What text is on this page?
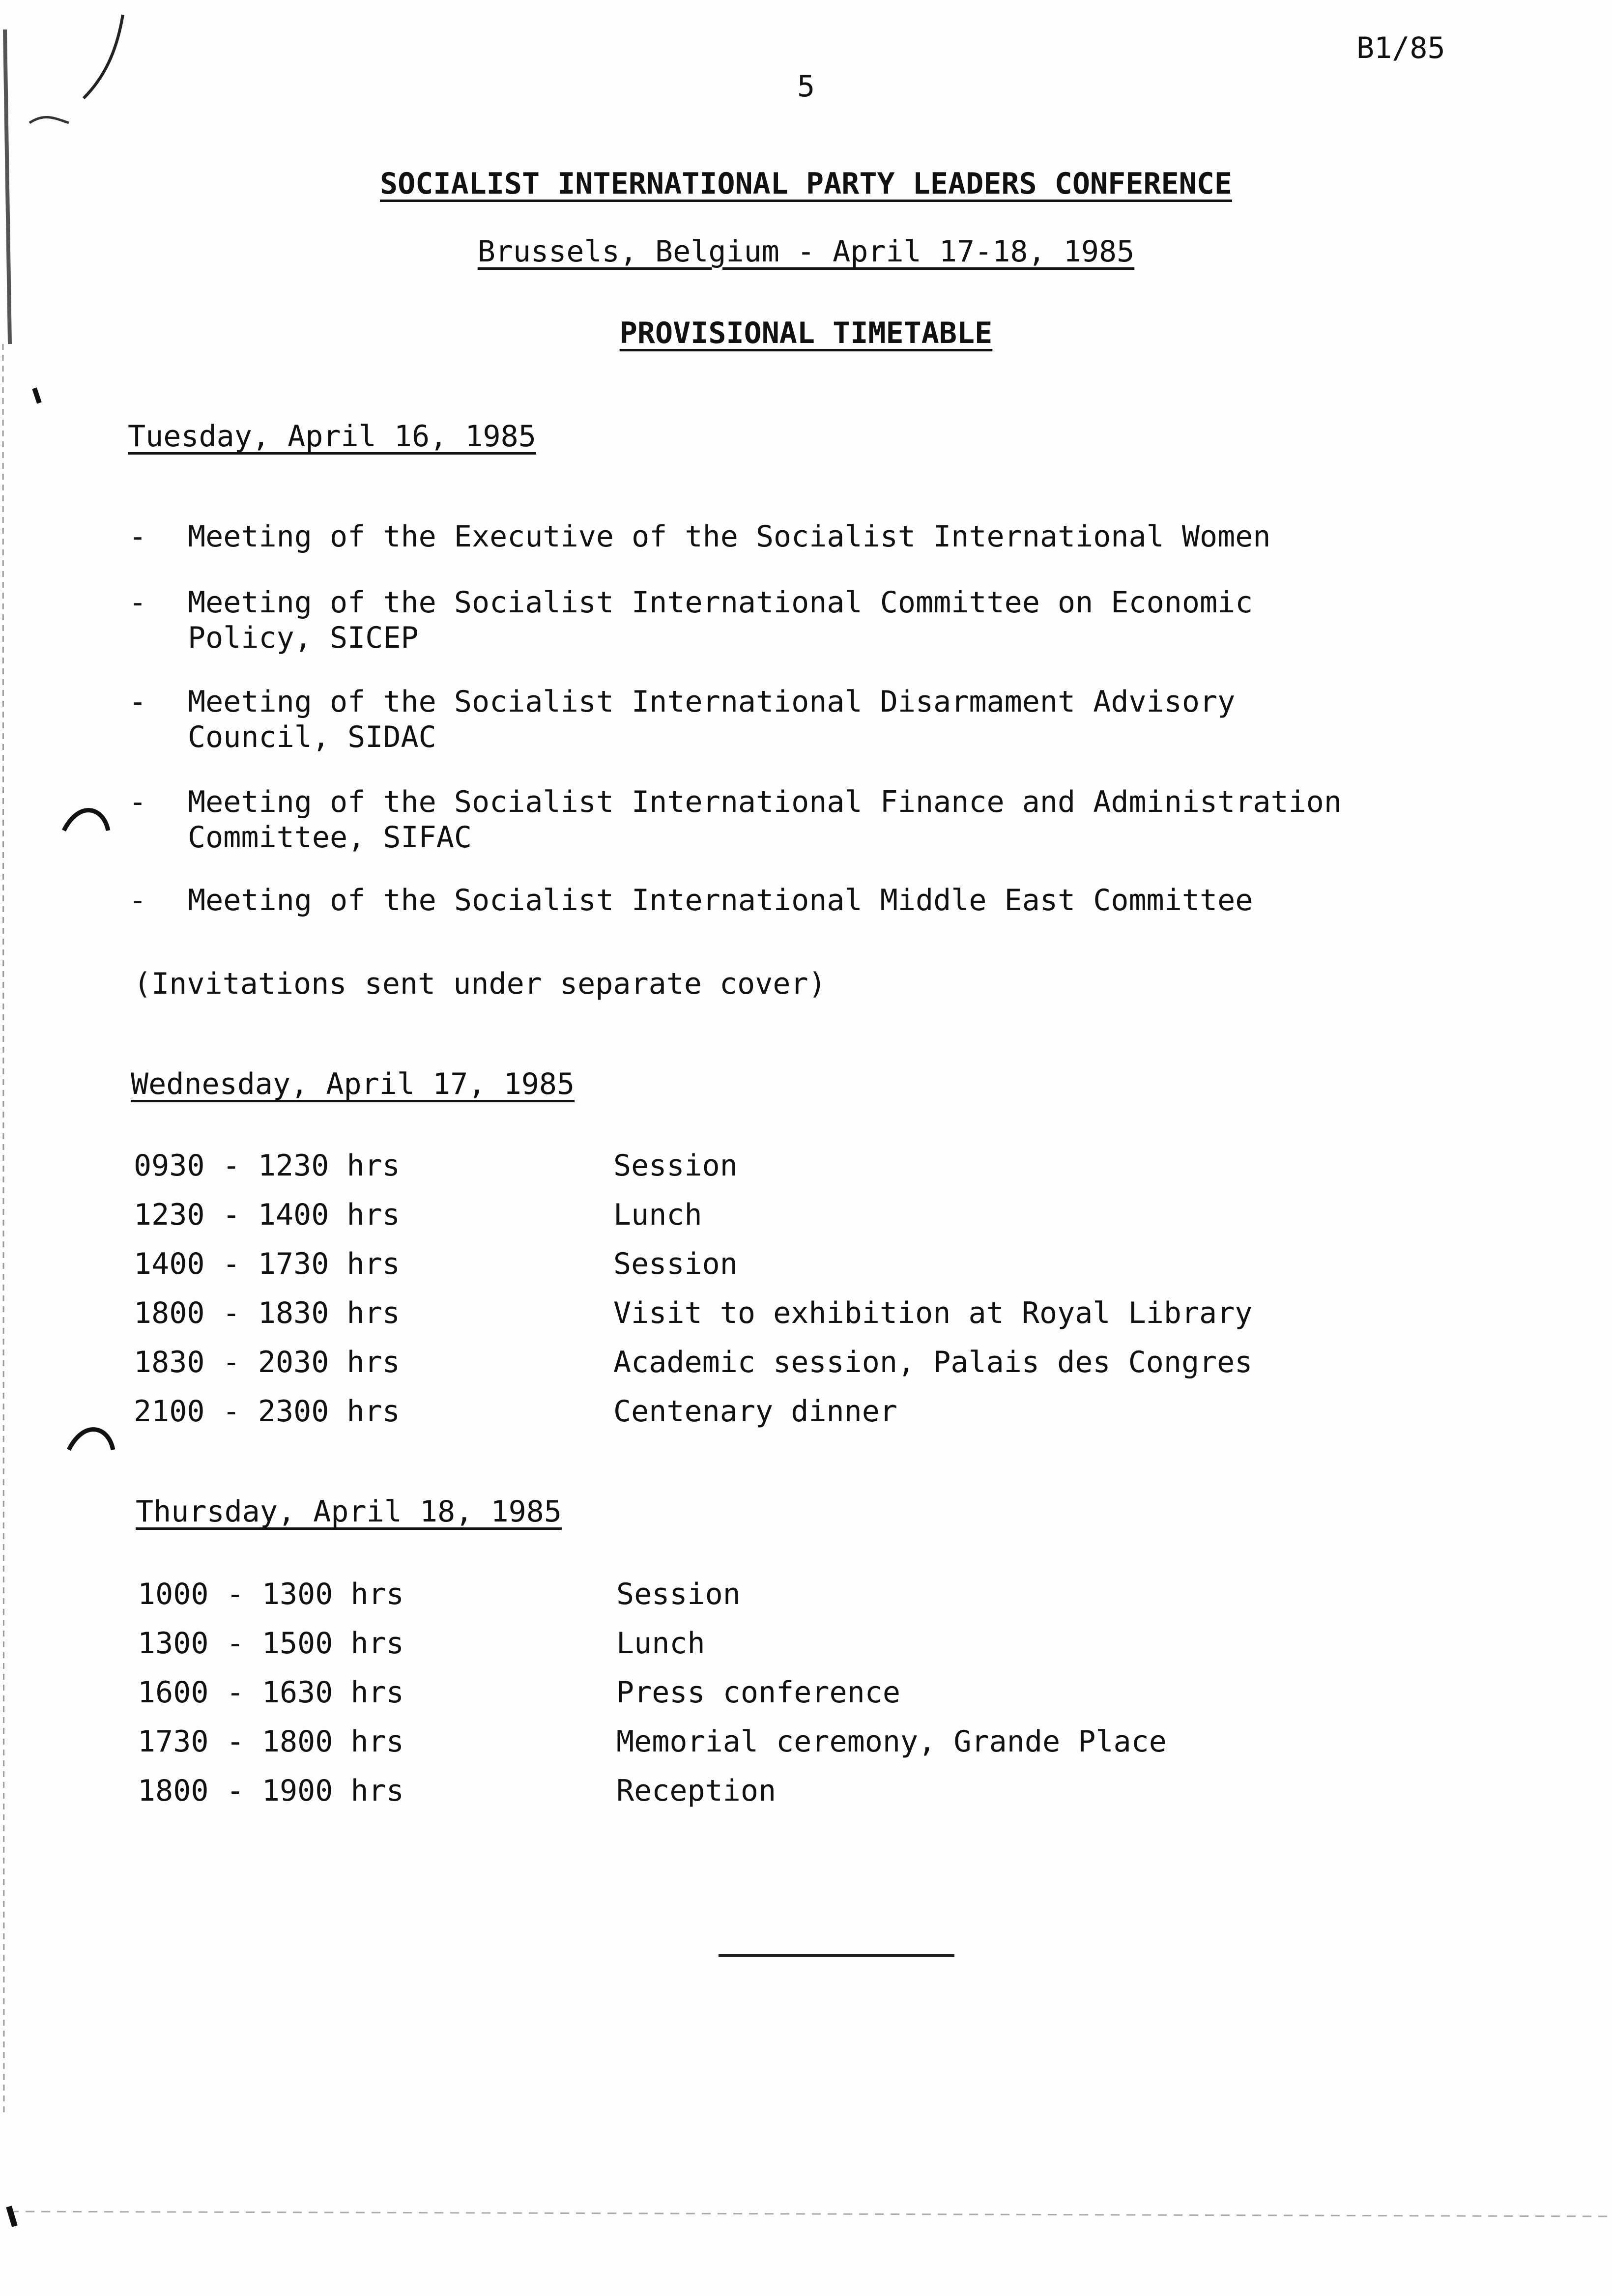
B1/85
5
SOCIALIST INTERNATIONAL PARTY LEADERS CONFERENCE
Brussels, Belgium - April 17-18, 1985
PROVISIONAL TIMETABLE
Tuesday, April 16, 1985
- Meeting of the Executive of the Socialist International Women
- Meeting of the Socialist International Committee on Economic
Policy, SICEP
- Meeting of the Socialist International Disarmament Advisory
Council, SIDAC
- Meeting of the Socialist International Finance and Administration
Committee, SIFAC
- Meeting of the Socialist International Middle East Committee
(Invitations sent under separate cover)
Wednesday, April 17, 1985
0930 - 1230 hrs	Session
1230 - 1400 hrs	Lunch
1400 - 1730 hrs	Session
1800 - 1830 hrs	Visit to exhibition at Royal Library
1830 - 2030 hrs	Academic session, Palais des Congres
2100 - 2300 hrs	Centenary dinner
Thursday, April 18, 1985
1000 - 1300 hrs	Session
1300 - 1500 hrs	Lunch
1600 - 1630 hrs	Press conference
1730 - 1800 hrs	Memorial ceremony, Grande Place
1800 - 1900 hrs	Reception
